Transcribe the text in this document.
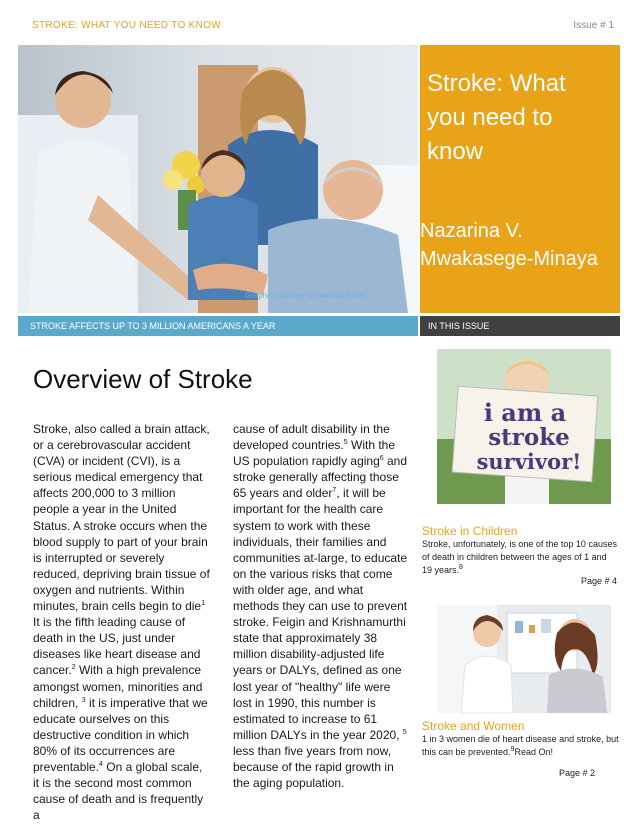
STROKE: WHAT YOU NEED TO KNOW	Issue # 1
Graphic courtesy of Neuroaid.com
Stroke: What you need to know
Nazarina V. Mwakasege-Minaya
STROKE AFFECTS UP TO 3 MILLION AMERICANS A YEAR	IN THIS ISSUE
Overview of Stroke
Stroke, also called a brain attack, or a cerebrovascular accident (CVA) or incident (CVI), is a serious medical emergency that affects 200,000 to 3 million people a year in the United Status. A stroke occurs when the blood supply to part of your brain is interrupted or severely reduced, depriving brain tissue of oxygen and nutrients. Within minutes, brain cells begin to die$^1$ It is the fifth leading cause of death in the US, just under diseases like heart disease and cancer.$^2$ With a high prevalence amongst women, minorities and children, $^3$ it is imperative that we educate ourselves on this destructive condition in which 80% of its occurrences are preventable.$^4$ On a global scale, it is the second most common cause of death and is frequently a
cause of adult disability in the developed countries.$^5$ With the US population rapidly aging$^6$ and stroke generally affecting those 65 years and older$^7$, it will be important for the health care system to work with these individuals, their families and communities at-large, to educate on the various risks that come with older age, and what methods they can use to prevent stroke. Feigin and Krishnamurthi state that approximately 38 million disability-adjusted life years or DALYs, defined as one lost year of "healthy" life were lost in 1990, this number is estimated to increase to 61 million DALYs in the year 2020, $^5$ less than five years from now, because of the rapid growth in the aging population.
i am a
stroke
survivor!
Stroke in Children
Stroke, unfortunately, is one of the top 10 causes of death in children between the ages of 1 and 19 years.$^8$
Page # 4
Stroke and Women
1 in 3 women die of heart disease and stroke, but this can be prevented.$^9$Read On!
Page # 2
